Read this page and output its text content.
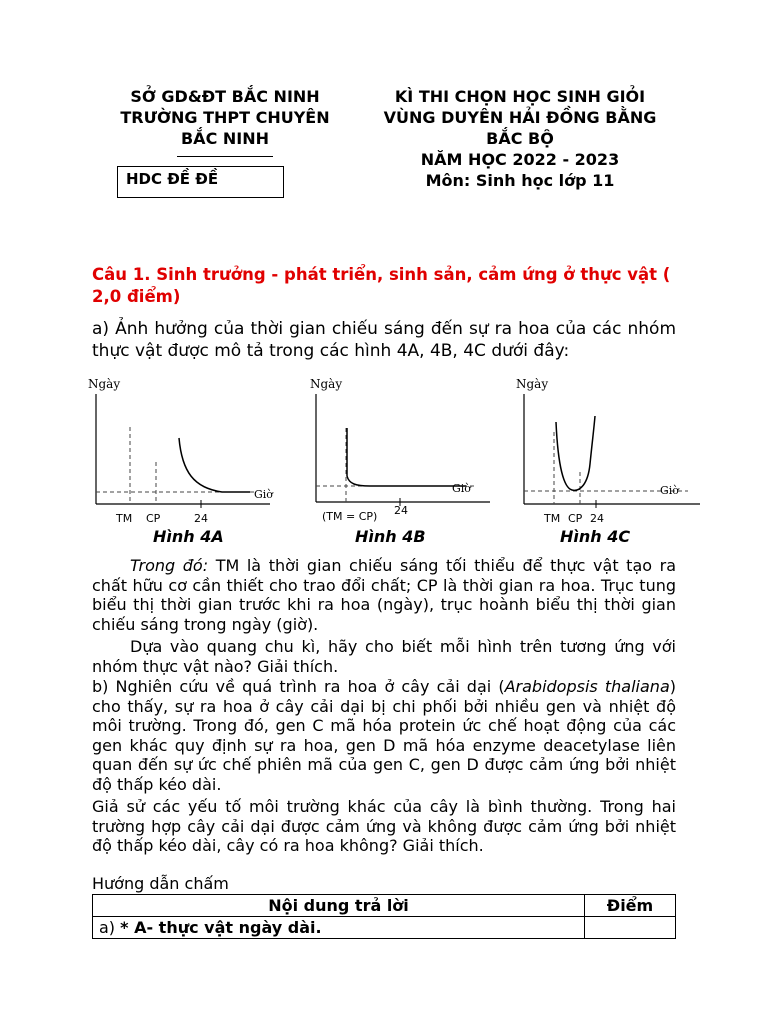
SỞ GD&ĐT BẮC NINH
TRƯỜNG THPT CHUYÊN
BẮC NINH
KÌ THI CHỌN HỌC SINH GIỎI
VÙNG DUYÊN HẢI ĐỒNG BẰNG
BẮC BỘ
NĂM HỌC 2022 - 2023
Môn: Sinh học lớp 11
HDC ĐỀ ĐỀ
Câu 1. Sinh trưởng - phát triển, sinh sản, cảm ứng ở thực vật ( 2,0 điểm)
a) Ảnh hưởng của thời gian chiếu sáng đến sự ra hoa của các nhóm thực vật được mô tả trong các hình 4A, 4B, 4C dưới đây:
Ngày
Giờ
TM CP	24
Ngày
Giờ
(TM = CP) 24
Ngày
Giờ
TM CP 24
Hình 4A	Hình 4B	Hình 4C
Trong đó: TM là thời gian chiếu sáng tối thiểu để thực vật tạo ra chất hữu cơ cần thiết cho trao đổi chất; CP là thời gian ra hoa. Trục tung biểu thị thời gian trước khi ra hoa (ngày), trục hoành biểu thị thời gian chiếu sáng trong ngày (giờ).
Dựa vào quang chu kì, hãy cho biết mỗi hình trên tương ứng với nhóm thực vật nào? Giải thích.
b) Nghiên cứu về quá trình ra hoa ở cây cải dại (Arabidopsis thaliana) cho thấy, sự ra hoa ở cây cải dại bị chi phối bởi nhiều gen và nhiệt độ môi trường. Trong đó, gen C mã hóa protein ức chế hoạt động của các gen khác quy định sự ra hoa, gen D mã hóa enzyme deacetylase liên quan đến sự ức chế phiên mã của gen C, gen D được cảm ứng bởi nhiệt độ thấp kéo dài.
Giả sử các yếu tố môi trường khác của cây là bình thường. Trong hai trường hợp cây cải dại được cảm ứng và không được cảm ứng bởi nhiệt độ thấp kéo dài, cây có ra hoa không? Giải thích.
Hướng dẫn chấm
Nội dung trả lời	Điểm
a) * A- thực vật ngày dài.	
